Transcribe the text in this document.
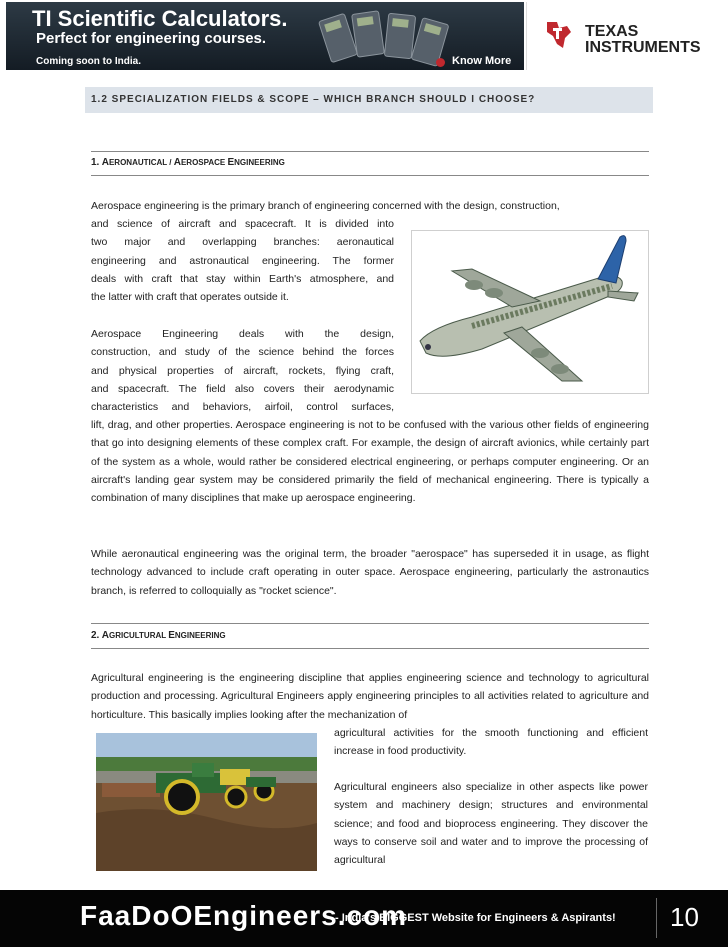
TI Scientific Calculators.
Perfect for engineering courses.
Coming soon to India.	Know More
TEXAS
INSTRUMENTS
1.2 SPECIALIZATION FIELDS & SCOPE – WHICH BRANCH SHOULD I CHOOSE?
1. AERONAUTICAL / AEROSPACE ENGINEERING

Aerospace engineering is the primary branch of engineering concerned with the design, construction,

and science of aircraft and spacecraft. It is divided into

two major and overlapping branches: aeronautical

engineering and astronautical engineering. The former

deals with craft that stay within Earth's atmosphere, and

the latter with craft that operates outside it.

Aerospace Engineering deals with the design,

construction, and study of the science behind the forces

and physical properties of aircraft, rockets, flying craft,

and spacecraft. The field also covers their aerodynamic

characteristics and behaviors, airfoil, control surfaces,

lift, drag, and other properties. Aerospace engineering is not to be confused with the various other fields of engineering that go into designing elements of these complex craft. For example, the design of aircraft avionics, while certainly part of the system as a whole, would rather be considered electrical engineering, or perhaps computer engineering. Or an aircraft's landing gear system may be considered primarily the field of mechanical engineering. There is typically a combination of many disciplines that make up aerospace engineering.

While aeronautical engineering was the original term, the broader "aerospace" has superseded it in usage, as flight technology advanced to include craft operating in outer space. Aerospace engineering, particularly the astronautics branch, is referred to colloquially as "rocket science".

2. AGRICULTURAL ENGINEERING

Agricultural engineering is the engineering discipline that applies engineering science and technology to agricultural production and processing. Agricultural Engineers apply engineering principles to all activities related to agriculture and horticulture. This basically implies looking after the mechanization of

agricultural activities for the smooth functioning and efficient increase in food productivity.

Agricultural engineers also specialize in other aspects like power system and machinery design; structures and environmental science; and food and bioprocess engineering. They discover the ways to conserve soil and water and to improve the processing of agricultural

FaaDoOEngineers.com
- India's BIGGEST Website for Engineers & Aspirants! 10
